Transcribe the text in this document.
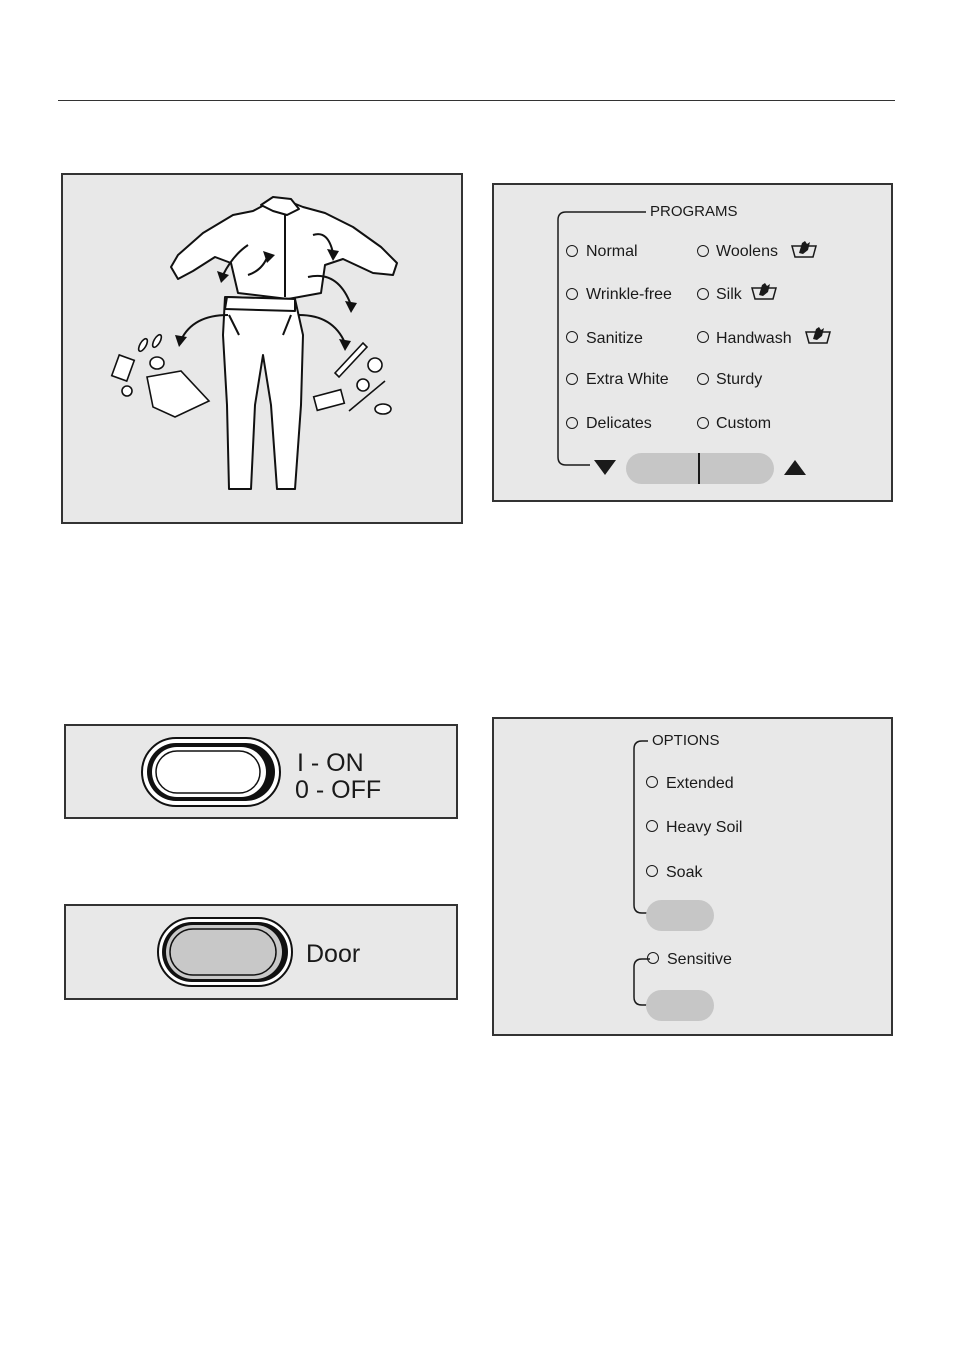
PROGRAMS
Normal
Wrinkle-free
Sanitize
Extra White
Delicates
Woolens
Silk
Handwash
Sturdy
Custom
I - ON
0 - OFF
Door
OPTIONS
Extended
Heavy Soil
Soak
Sensitive
